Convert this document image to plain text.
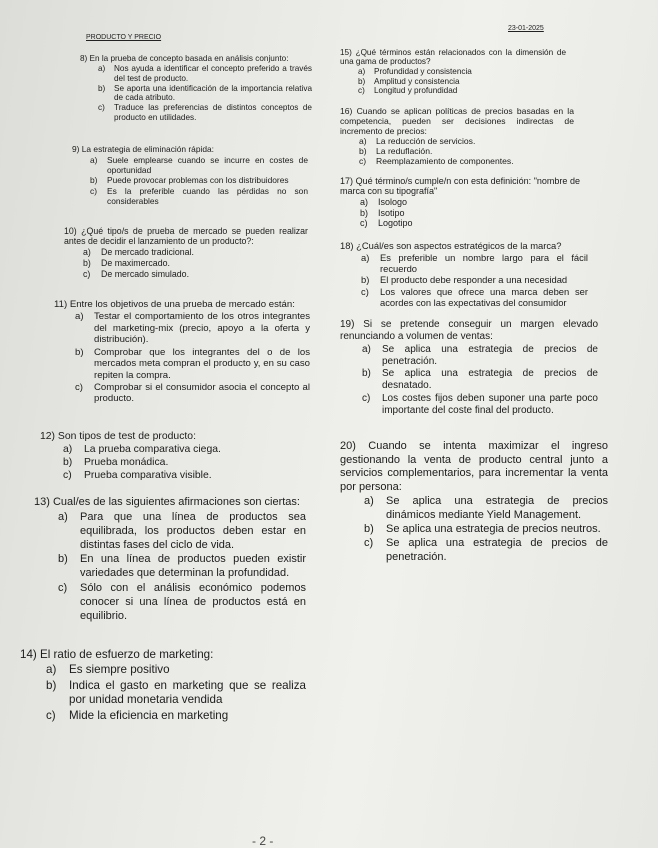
PRODUCTO Y PRECIO
23-01-2025
8) En la prueba de concepto basada en análisis conjunto:
a) Nos ayuda a identificar el concepto preferido a través del test de producto.
b) Se aporta una identificación de la importancia relativa de cada atributo.
c) Traduce las preferencias de distintos conceptos de producto en utilidades.
9) La estrategia de eliminación rápida:
a) Suele emplearse cuando se incurre en costes de oportunidad
b) Puede provocar problemas con los distribuidores
c) Es la preferible cuando las pérdidas no son considerables
10) ¿Qué tipo/s de prueba de mercado se pueden realizar antes de decidir el lanzamiento de un producto?:
a) De mercado tradicional.
b) De maximercado.
c) De mercado simulado.
11) Entre los objetivos de una prueba de mercado están:
a) Testar el comportamiento de los otros integrantes del marketing-mix (precio, apoyo a la oferta y distribución).
b) Comprobar que los integrantes del o de los mercados meta compran el producto y, en su caso repiten la compra.
c) Comprobar si el consumidor asocia el concepto al producto.
12) Son tipos de test de producto:
a) La prueba comparativa ciega.
b) Prueba monádica.
c) Prueba comparativa visible.
13) Cual/es de las siguientes afirmaciones son ciertas:
a) Para que una línea de productos sea equilibrada, los productos deben estar en distintas fases del ciclo de vida.
b) En una línea de productos pueden existir variedades que determinan la profundidad.
c) Sólo con el análisis económico podemos conocer si una línea de productos está en equilibrio.
14) El ratio de esfuerzo de marketing:
a) Es siempre positivo
b) Indica el gasto en marketing que se realiza por unidad monetaria vendida
c) Mide la eficiencia en marketing
15) ¿Qué términos están relacionados con la dimensión de una gama de productos?
a) Profundidad y consistencia
b) Amplitud y consistencia
c) Longitud y profundidad
16) Cuando se aplican políticas de precios basadas en la competencia, pueden ser decisiones indirectas de incremento de precios:
a) La reducción de servicios.
b) La reduflación.
c) Reemplazamiento de componentes.
17) Qué término/s cumple/n con esta definición: "nombre de marca con su tipografía"
a) Isologo
b) Isotipo
c) Logotipo
18) ¿Cuál/es son aspectos estratégicos de la marca?
a) Es preferible un nombre largo para el fácil recuerdo
b) El producto debe responder a una necesidad
c) Los valores que ofrece una marca deben ser acordes con las expectativas del consumidor
19) Si se pretende conseguir un margen elevado renunciando a volumen de ventas:
a) Se aplica una estrategia de precios de penetración.
b) Se aplica una estrategia de precios de desnatado.
c) Los costes fijos deben suponer una parte poco importante del coste final del producto.
20) Cuando se intenta maximizar el ingreso gestionando la venta de producto central junto a servicios complementarios, para incrementar la venta por persona:
a) Se aplica una estrategia de precios dinámicos mediante Yield Management.
b) Se aplica una estrategia de precios neutros.
c) Se aplica una estrategia de precios de penetración.
- 2 -
